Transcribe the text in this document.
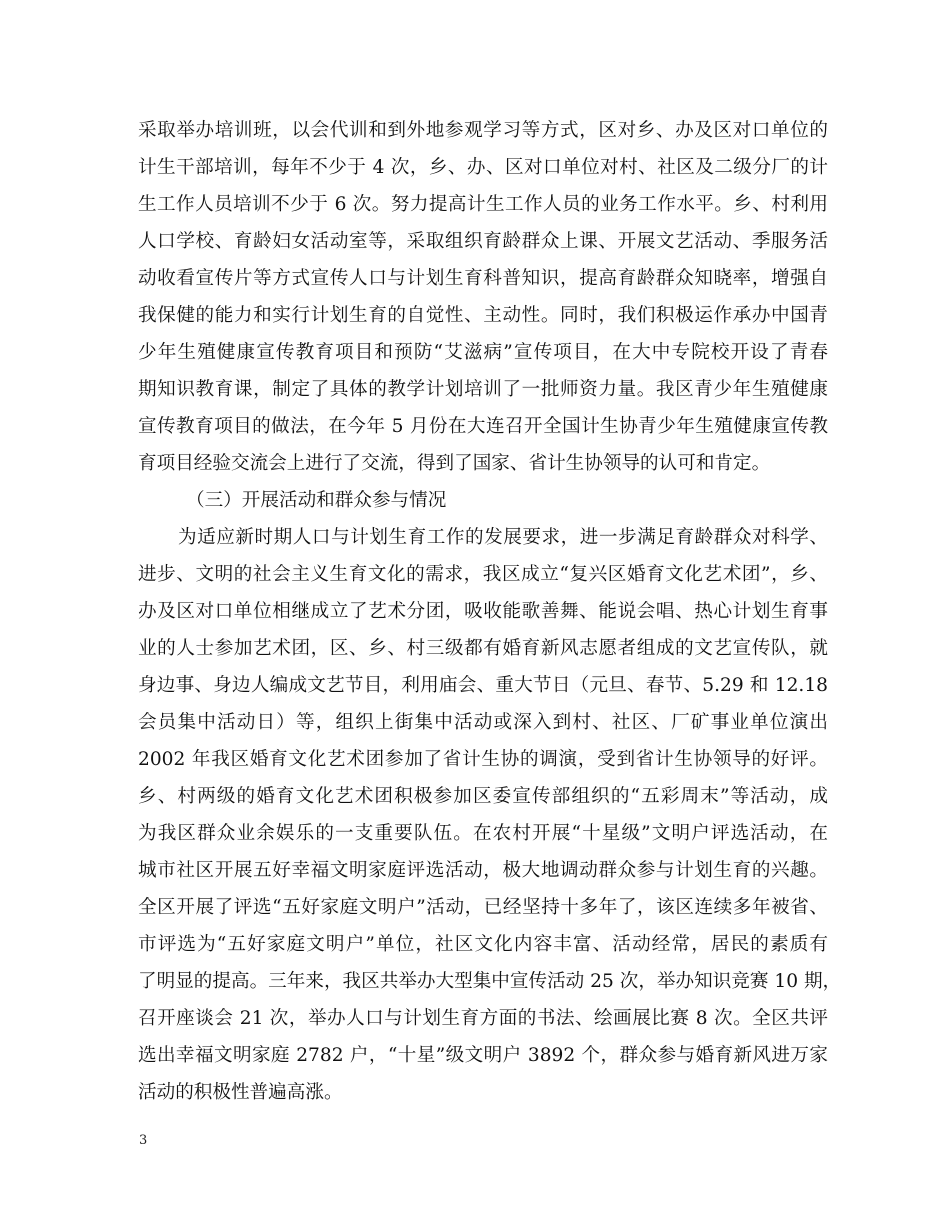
采取举办培训班，以会代训和到外地参观学习等方式，区对乡、办及区对口单位的
计生干部培训，每年不少于 4 次，乡、办、区对口单位对村、社区及二级分厂的计
生工作人员培训不少于 6 次。努力提高计生工作人员的业务工作水平。乡、村利用
人口学校、育龄妇女活动室等，采取组织育龄群众上课、开展文艺活动、季服务活
动收看宣传片等方式宣传人口与计划生育科普知识，提高育龄群众知晓率，增强自
我保健的能力和实行计划生育的自觉性、主动性。同时，我们积极运作承办中国青
少年生殖健康宣传教育项目和预防“艾滋病”宣传项目，在大中专院校开设了青春
期知识教育课，制定了具体的教学计划培训了一批师资力量。我区青少年生殖健康
宣传教育项目的做法，在今年 5 月份在大连召开全国计生协青少年生殖健康宣传教
育项目经验交流会上进行了交流，得到了国家、省计生协领导的认可和肯定。
（三）开展活动和群众参与情况
为适应新时期人口与计划生育工作的发展要求，进一步满足育龄群众对科学、
进步、文明的社会主义生育文化的需求，我区成立“复兴区婚育文化艺术团”，乡、
办及区对口单位相继成立了艺术分团，吸收能歌善舞、能说会唱、热心计划生育事
业的人士参加艺术团，区、乡、村三级都有婚育新风志愿者组成的文艺宣传队，就
身边事、身边人编成文艺节目，利用庙会、重大节日（元旦、春节、5.29 和 12.18
会员集中活动日）等，组织上街集中活动或深入到村、社区、厂矿事业单位演出
2002 年我区婚育文化艺术团参加了省计生协的调演，受到省计生协领导的好评。
乡、村两级的婚育文化艺术团积极参加区委宣传部组织的“五彩周末”等活动，成
为我区群众业余娱乐的一支重要队伍。在农村开展“十星级”文明户评选活动，在
城市社区开展五好幸福文明家庭评选活动，极大地调动群众参与计划生育的兴趣。
全区开展了评选“五好家庭文明户”活动，已经坚持十多年了，该区连续多年被省、
市评选为“五好家庭文明户”单位，社区文化内容丰富、活动经常，居民的素质有
了明显的提高。三年来，我区共举办大型集中宣传活动 25 次，举办知识竞赛 10 期，
召开座谈会 21 次，举办人口与计划生育方面的书法、绘画展比赛 8 次。全区共评
选出幸福文明家庭 2782 户，“十星”级文明户 3892 个，群众参与婚育新风进万家
活动的积极性普遍高涨。
3
